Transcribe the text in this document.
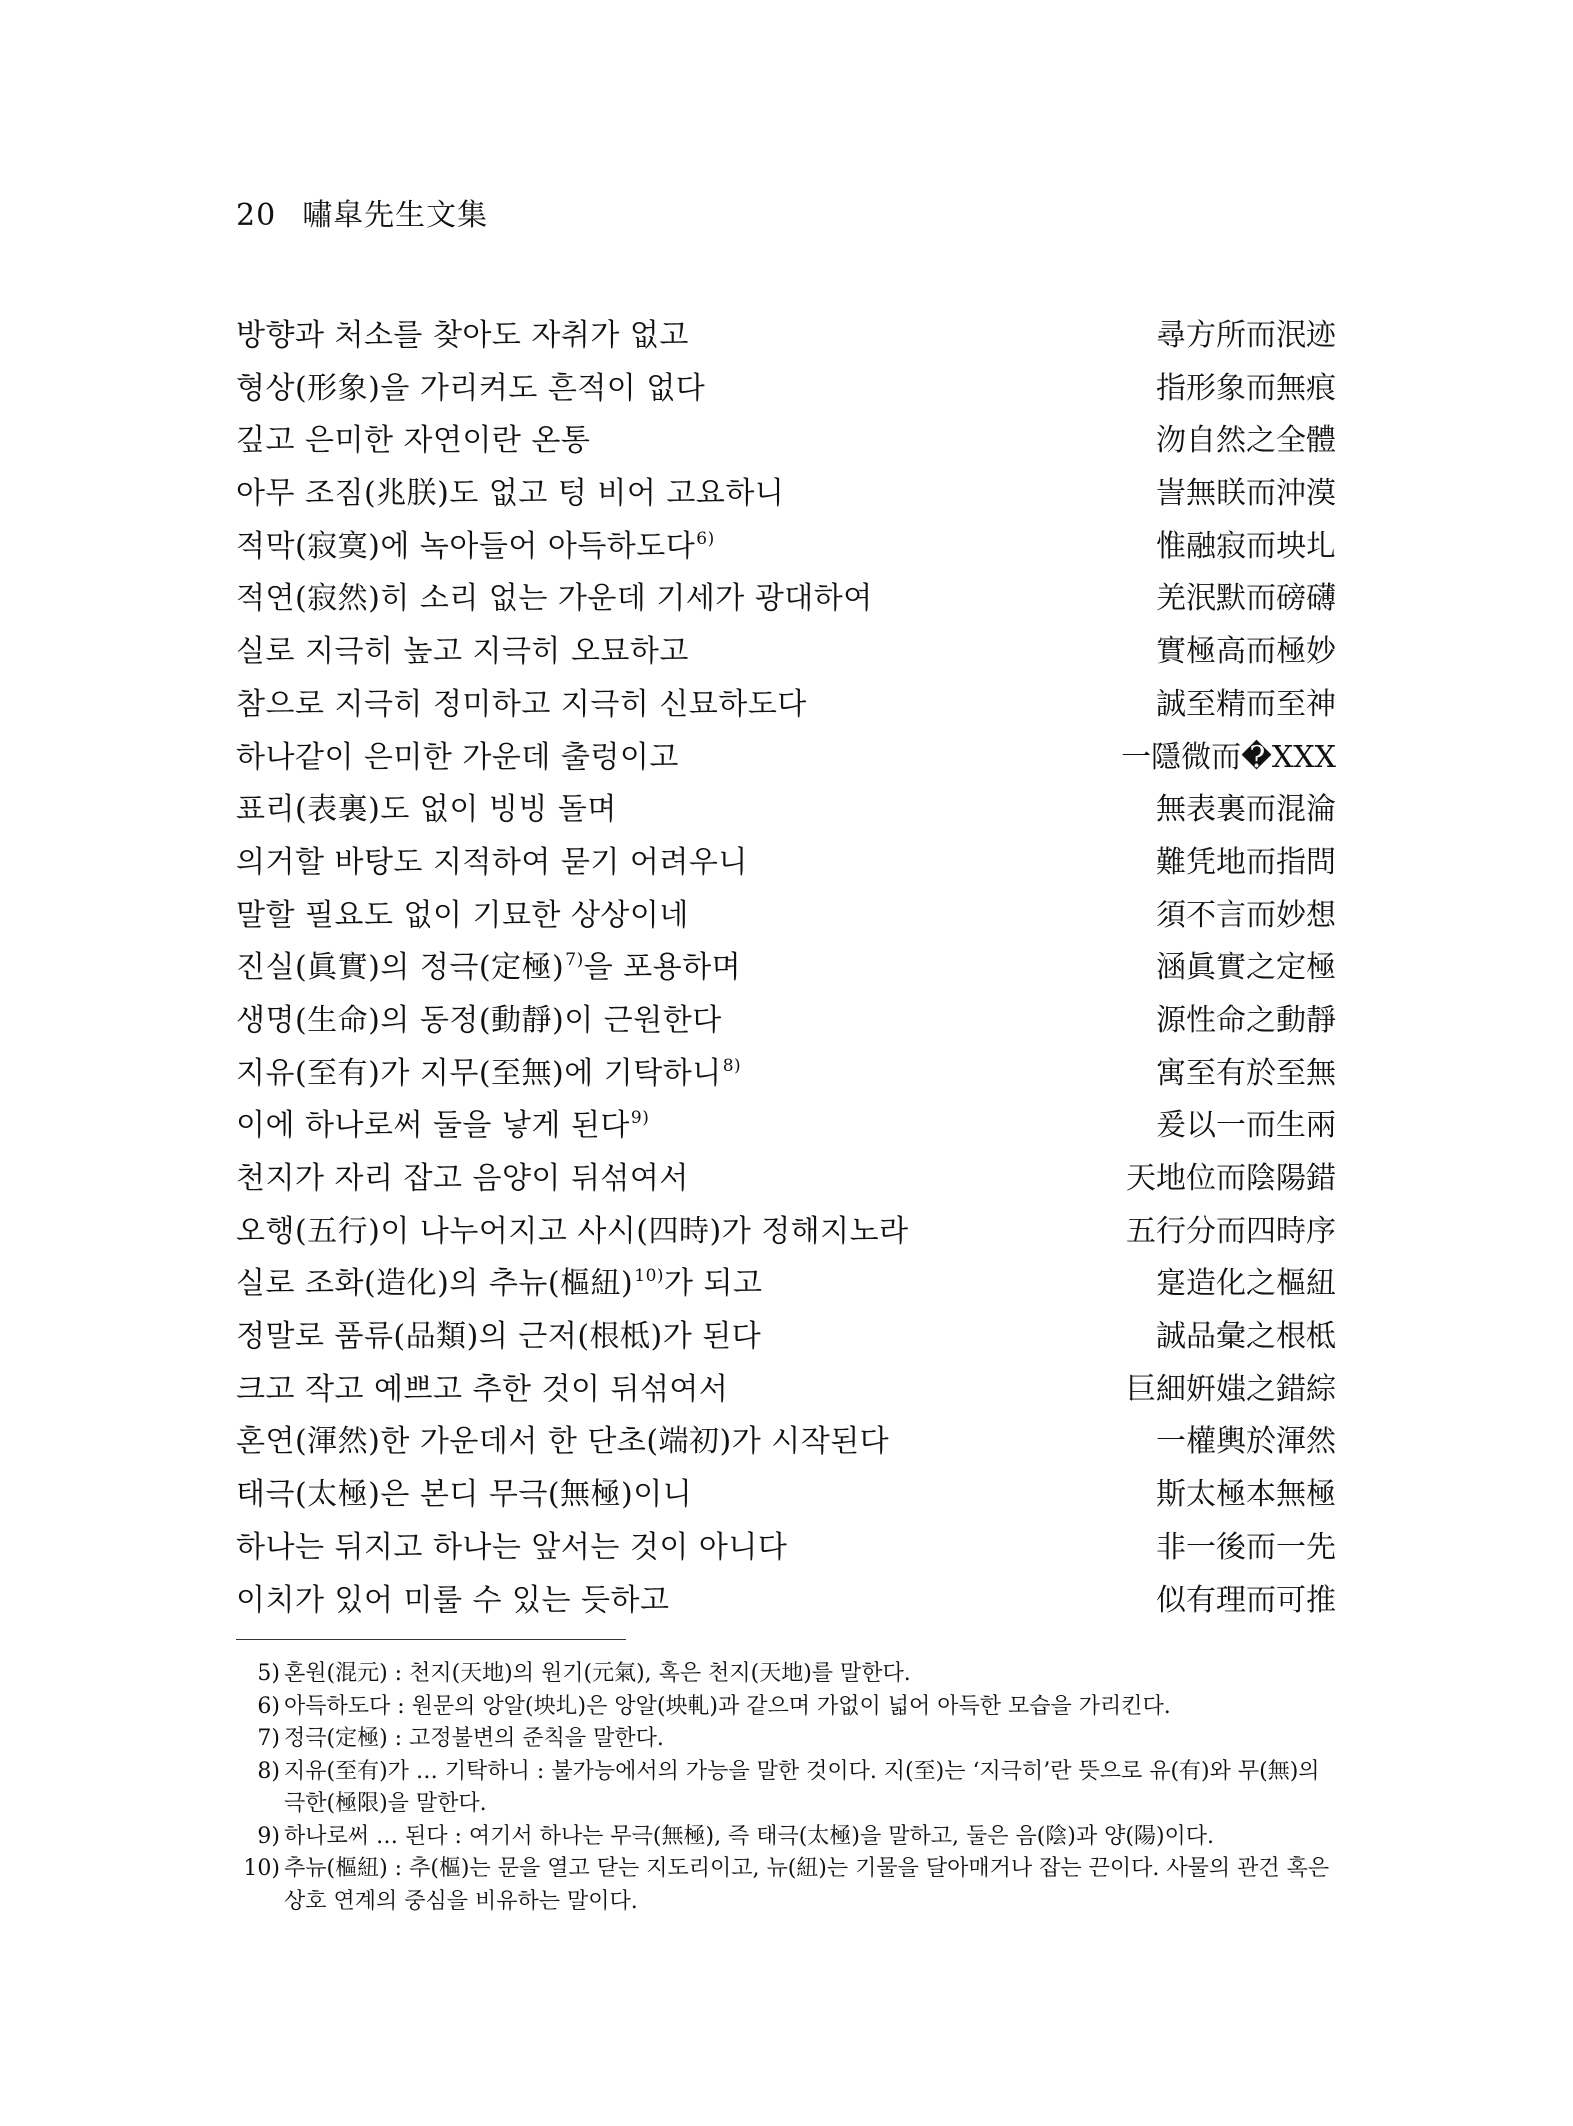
20 嘯皐先生文集
방향과 처소를 찾아도 자취가 없고	尋方所而泯迹
형상(形象)을 가리켜도 흔적이 없다	指形象而無痕
깊고 은미한 자연이란 온통	沕自然之全體
아무 조짐(兆朕)도 없고 텅 비어 고요하니	訔無眹而沖漠
적막(寂寞)에 녹아들어 아득하도다$^{6)}$	惟融寂而坱圠
적연(寂然)히 소리 없는 가운데 기세가 광대하여	羌泯默而磅礴
실로 지극히 높고 지극히 오묘하고	實極高而極妙
참으로 지극히 정미하고 지극히 신묘하도다	誠至精而至神
하나같이 은미한 가운데 출렁이고	一隱微而�XXX
표리(表裏)도 없이 빙빙 돌며	無表裏而混淪
의거할 바탕도 지적하여 묻기 어려우니	難凭地而指問
말할 필요도 없이 기묘한 상상이네	須不言而妙想
진실(眞實)의 정극(定極)$^{7)}$을 포용하며	涵眞實之定極
생명(生命)의 동정(動靜)이 근원한다	源性命之動靜
지유(至有)가 지무(至無)에 기탁하니$^{8)}$	寓至有於至無
이에 하나로써 둘을 낳게 된다$^{9)}$	爰以一而生兩
천지가 자리 잡고 음양이 뒤섞여서	天地位而陰陽錯
오행(五行)이 나누어지고 사시(四時)가 정해지노라	五行分而四時序
실로 조화(造化)의 추뉴(樞紐)$^{10)}$가 되고	寔造化之樞紐
정말로 품류(品類)의 근저(根柢)가 된다	誠品彙之根柢
크고 작고 예쁘고 추한 것이 뒤섞여서	巨細姸媸之錯綜
혼연(渾然)한 가운데서 한 단초(端初)가 시작된다	一權輿於渾然
태극(太極)은 본디 무극(無極)이니	斯太極本無極
하나는 뒤지고 하나는 앞서는 것이 아니다	非一後而一先
이치가 있어 미룰 수 있는 듯하고	似有理而可推
5) 혼원(混元) : 천지(天地)의 원기(元氣), 혹은 천지(天地)를 말한다.
6) 아득하도다 : 원문의 앙알(坱圠)은 앙알(坱軋)과 같으며 가없이 넓어 아득한 모습을 가리킨다.
7) 정극(定極) : 고정불변의 준칙을 말한다.
8) 지유(至有)가 … 기탁하니 : 불가능에서의 가능을 말한 것이다. 지(至)는 ‘지극히’란 뜻으로 유(有)와 무(無)의 극한(極限)을 말한다.
9) 하나로써 … 된다 : 여기서 하나는 무극(無極), 즉 태극(太極)을 말하고, 둘은 음(陰)과 양(陽)이다.
10) 추뉴(樞紐) : 추(樞)는 문을 열고 닫는 지도리이고, 뉴(紐)는 기물을 달아매거나 잡는 끈이다. 사물의 관건 혹은 상호 연계의 중심을 비유하는 말이다.
